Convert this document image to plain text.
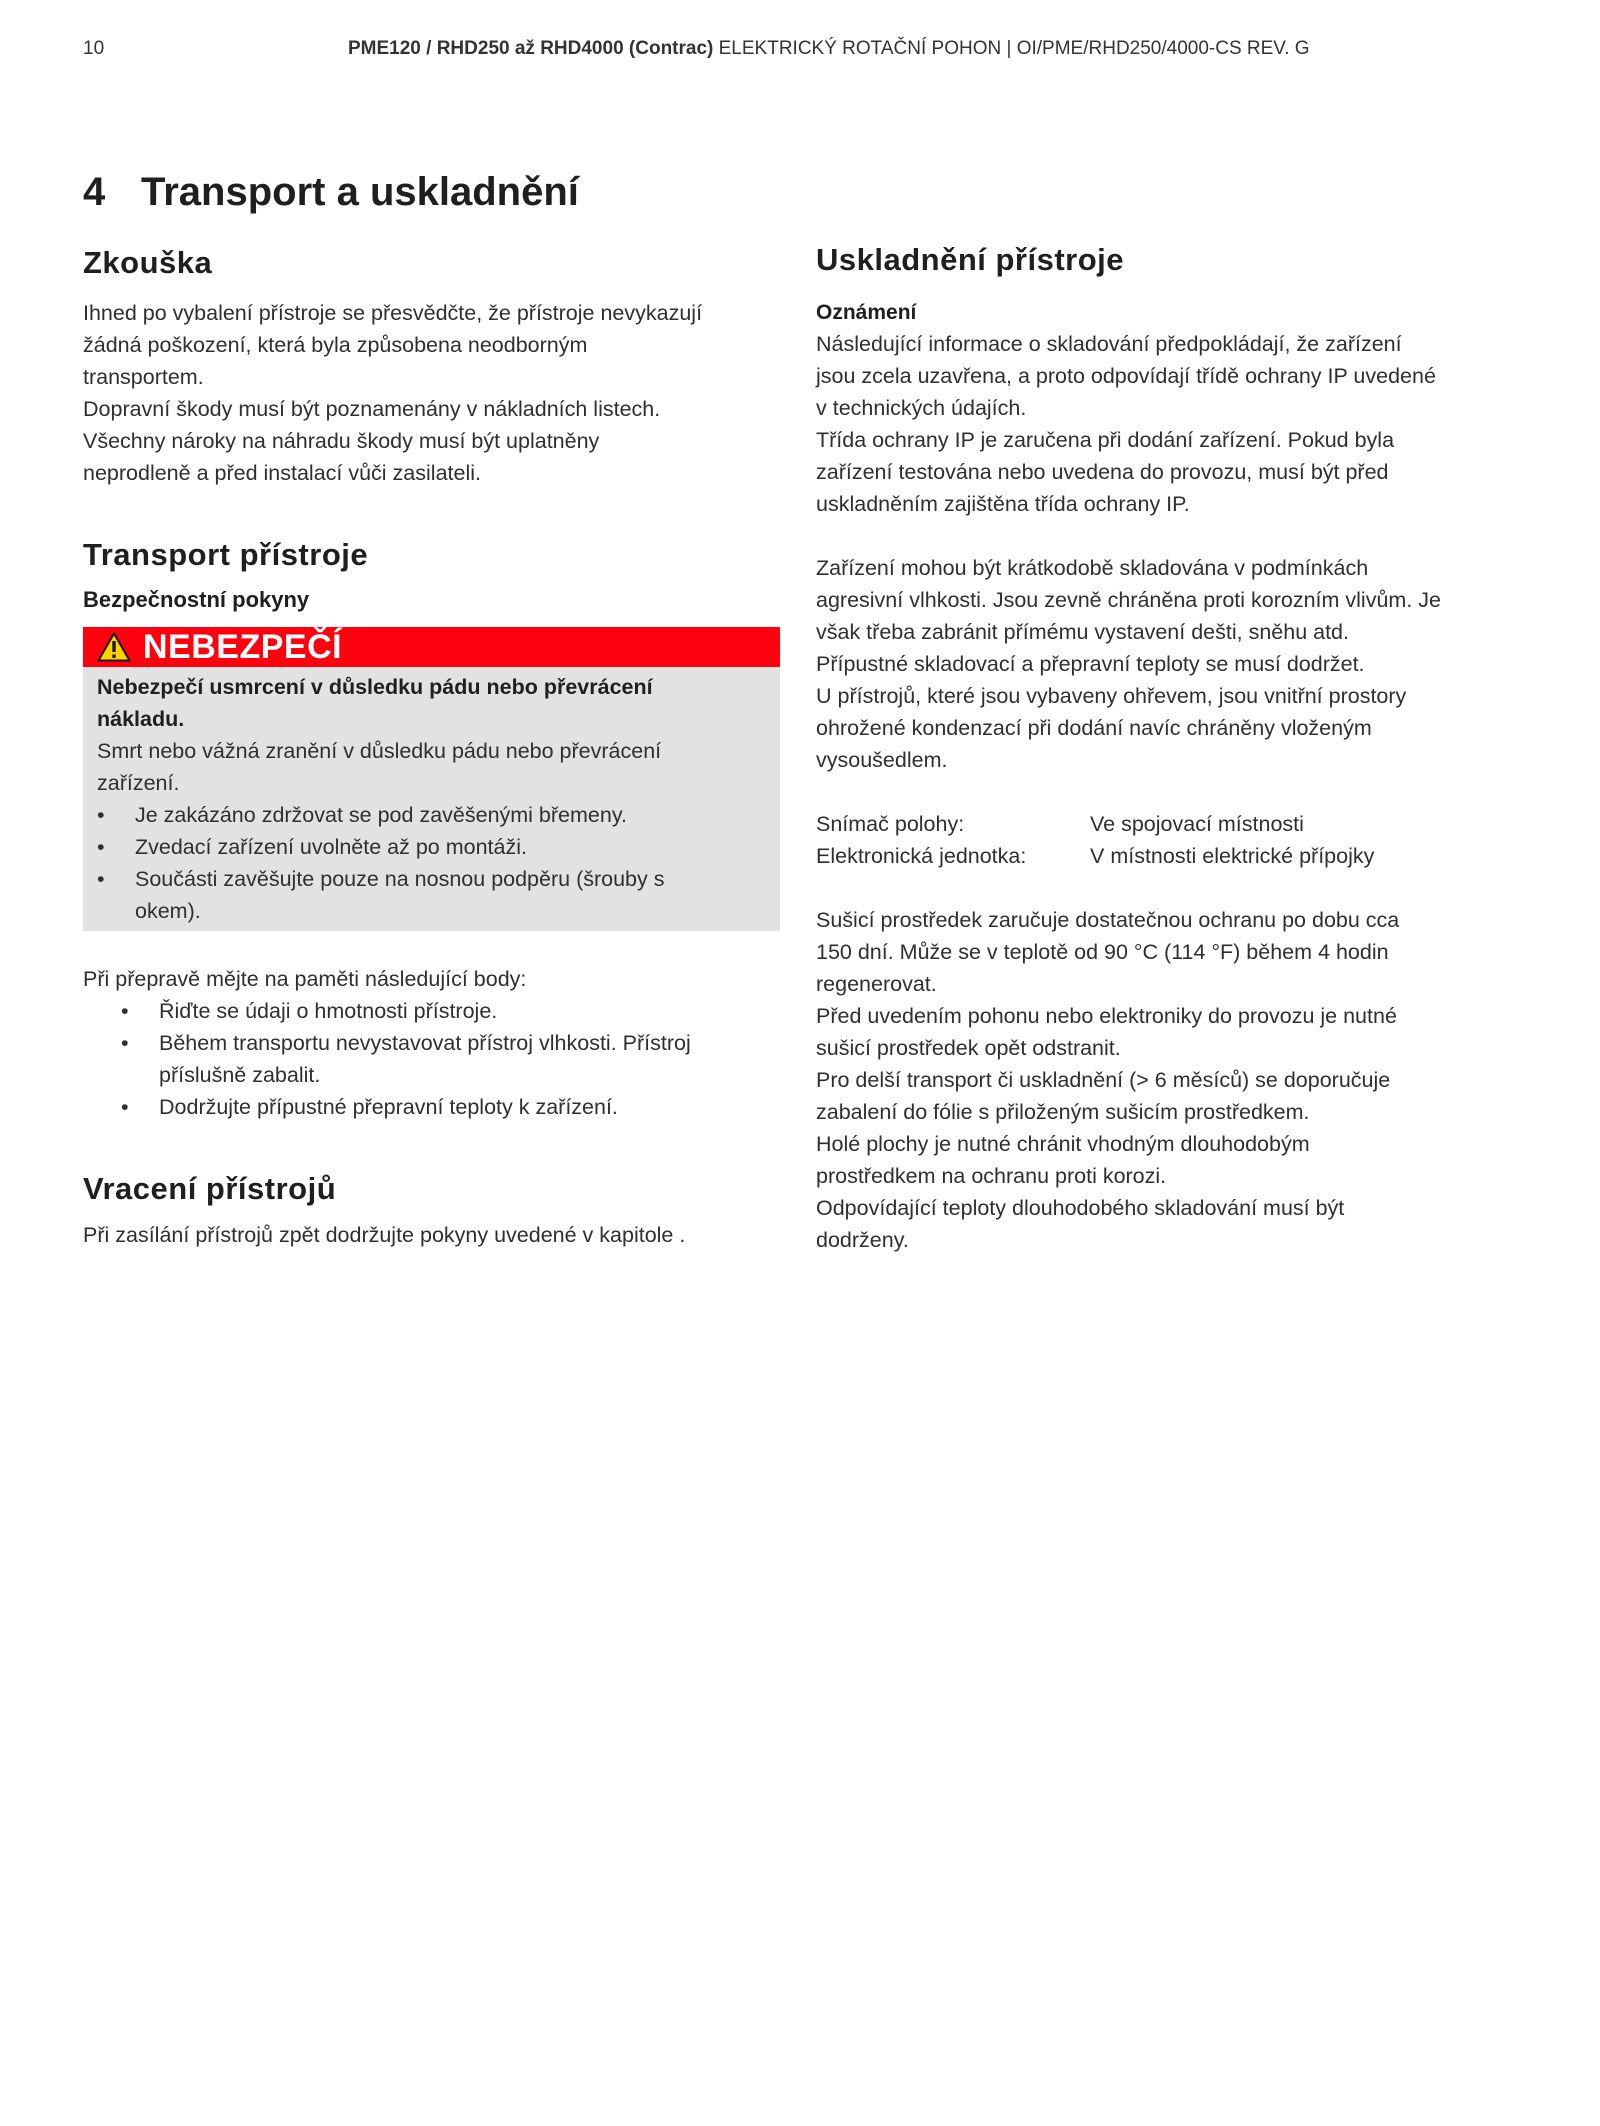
10	PME120 / RHD250 až RHD4000 (Contrac) ELEKTRICKÝ ROTAČNÍ POHON | OI/PME/RHD250/4000-CS REV. G
4 Transport a uskladnění
Zkouška

Ihned po vybalení přístroje se přesvědčte, že přístroje nevykazují

žádná poškození, která byla způsobena neodborným

transportem.

Dopravní škody musí být poznamenány v nákladních listech.

Všechny nároky na náhradu škody musí být uplatněny

neprodleně a před instalací vůči zasilateli.

Transport přístroje
Bezpečnostní pokyny
NEBEZPEČÍ

Nebezpečí usmrcení v důsledku pádu nebo převrácení

nákladu.

Smrt nebo vážná zranění v důsledku pádu nebo převrácení

zařízení.

• Je zakázáno zdržovat se pod zavěšenými břemeny.
• Zvedací zařízení uvolněte až po montáži.
• Součásti zavěšujte pouze na nosnou podpěru (šrouby s
okem).

Při přepravě mějte na paměti následující body:

• Řiďte se údaji o hmotnosti přístroje.
• Během transportu nevystavovat přístroj vlhkosti. Přístroj
příslušně zabalit.
• Dodržujte přípustné přepravní teploty k zařízení.
Vracení přístrojů

Při zasílání přístrojů zpět dodržujte pokyny uvedené v kapitole .

Uskladnění přístroje
Oznámení

Následující informace o skladování předpokládají, že zařízení

jsou zcela uzavřena, a proto odpovídají třídě ochrany IP uvedené

v technických údajích.

Třída ochrany IP je zaručena při dodání zařízení. Pokud byla

zařízení testována nebo uvedena do provozu, musí být před

uskladněním zajištěna třída ochrany IP.

Zařízení mohou být krátkodobě skladována v podmínkách

agresivní vlhkosti. Jsou zevně chráněna proti korozním vlivům. Je

však třeba zabránit přímému vystavení dešti, sněhu atd.

Přípustné skladovací a přepravní teploty se musí dodržet.

U přístrojů, které jsou vybaveny ohřevem, jsou vnitřní prostory

ohrožené kondenzací při dodání navíc chráněny vloženým

vysoušedlem.

Snímač polohy:	Ve spojovací místnosti
Elektronická jednotka:	V místnosti elektrické přípojky

Sušicí prostředek zaručuje dostatečnou ochranu po dobu cca

150 dní. Může se v teplotě od 90 °C (114 °F) během 4 hodin

regenerovat.

Před uvedením pohonu nebo elektroniky do provozu je nutné

sušicí prostředek opět odstranit.

Pro delší transport či uskladnění (> 6 měsíců) se doporučuje

zabalení do fólie s přiloženým sušicím prostředkem.

Holé plochy je nutné chránit vhodným dlouhodobým

prostředkem na ochranu proti korozi.

Odpovídající teploty dlouhodobého skladování musí být

dodrženy.
